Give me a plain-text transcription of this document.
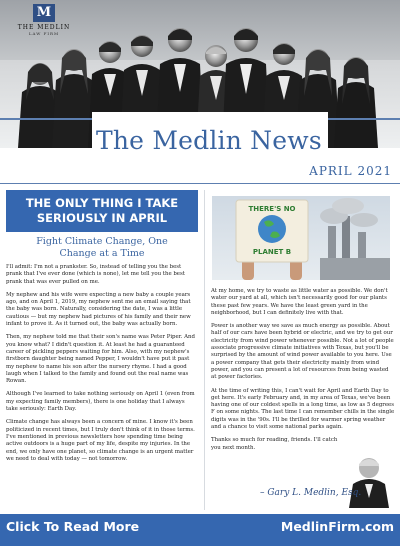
M
THE MEDLIN
LAW FIRM
The Medlin News
APRIL 2021
THE ONLY THING I TAKE
SERIOUSLY IN APRIL
Fight Climate Change, One
Change at a Time

I'll admit: I'm not a prankster. So, instead of telling you the best prank that I've ever done (which is none), let me tell you the best prank that was ever pulled on me.

My nephew and his wife were expecting a new baby a couple years ago, and on April 1, 2019, my nephew sent me an email saying that the baby was born. Naturally, considering the date, I was a little cautious — but my nephew had pictures of his family and their new infant to prove it. As it turned out, the baby was actually born.

Then, my nephew told me that their son's name was Peter Piper. And you know what? I didn't question it. At least he had a guaranteed career of pickling peppers waiting for him. Also, with my nephew's firstborn daughter being named Pepper, I wouldn't have put it past my nephew to name his son after the nursery rhyme. I had a good laugh when I talked to the family and found out the real name was Rowan.

Although I've learned to take nothing seriously on April 1 (even from my expecting family members), there is one holiday that I always take seriously: Earth Day.

Climate change has always been a concern of mine. I know it's been politicized in recent times, but I truly don't think of it in those terms. I've mentioned in previous newsletters how spending time being active outdoors is a huge part of my life, despite my injuries. In the end, we only have one planet, so climate change is an urgent matter we need to deal with today — not tomorrow.

THERE'S NO
PLANET B

At my home, we try to waste as little water as possible. We don't water our yard at all, which isn't necessarily good for our plants these past few years. We have the least green yard in the neighborhood, but I can definitely live with that.

Power is another way we save as much energy as possible. About half of our cars have been hybrid or electric, and we try to get our electricity from wind power whenever possible. Not a lot of people associate progressive climate initiatives with Texas, but you'll be surprised by the amount of wind power available to you here. Use a power company that gets their electricity mainly from wind power, and you can present a lot of resources from being wasted at power factories.

At the time of writing this, I can't wait for April and Earth Day to get here. It's early February and, in my area of Texas, we've been having one of our coldest spells in a long time, as low as 5 degrees F on some nights. The last time I can remember chills in the single digits was in the '90s. I'll be thrilled for warmer spring weather and a chance to visit some national parks again.

Thanks so much for reading, friends. I'll catch you next month.

– Gary L. Medlin, Esq.
Click To Read More	MedlinFirm.com
